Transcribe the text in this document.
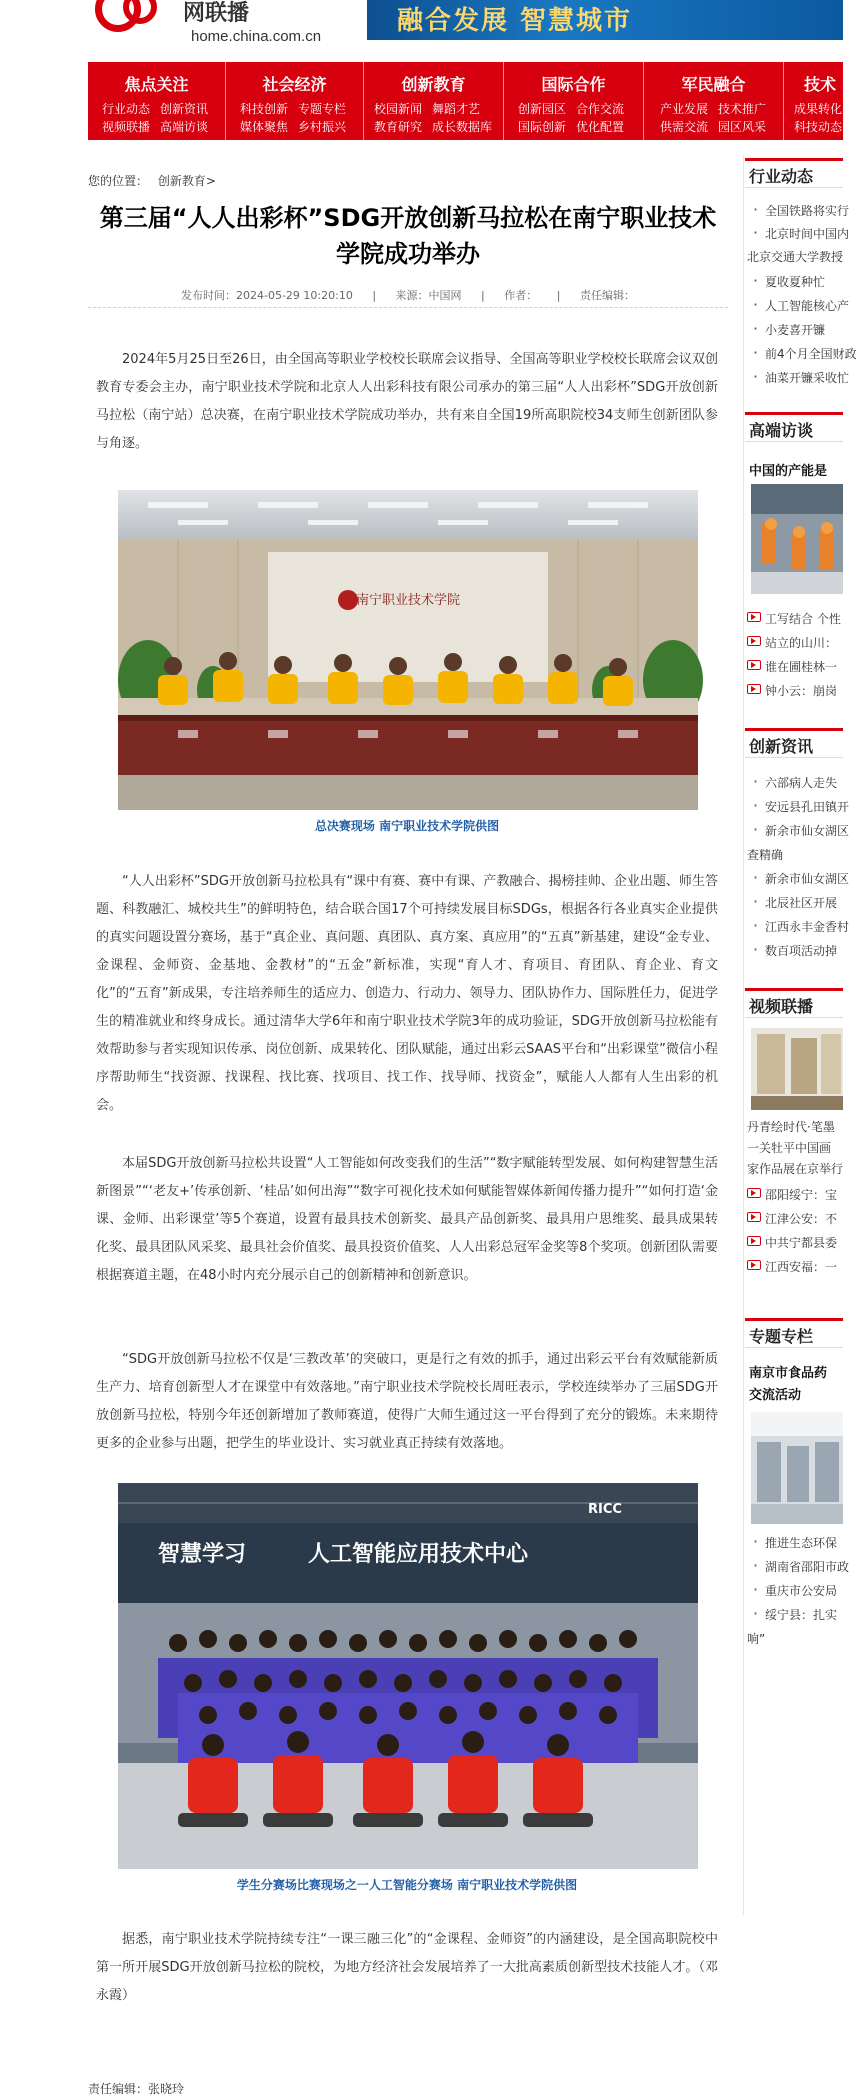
网联播
home.china.com.cn
融合发展 智慧城市
焦点关注
行业动态 创新资讯
视频联播 高端访谈
社会经济
科技创新 专题专栏
媒体聚焦 乡村振兴
创新教育
校园新闻 舞蹈才艺
教育研究 成长数据库
国际合作
创新园区 合作交流
国际创新 优化配置
军民融合
产业发展 技术推广
供需交流 园区风采
技术
成果转化
科技动态
您的位置： 创新教育>
第三届“人人出彩杯”SDG开放创新马拉松在南宁职业技术学院成功举办
发布时间：2024-05-29 10:20:10 | 来源：中国网 | 作者： | 责任编辑：
2024年5月25日至26日，由全国高等职业学校校长联席会议指导、全国高等职业学校校长联席会议双创教育专委会主办，南宁职业技术学院和北京人人出彩科技有限公司承办的第三届“人人出彩杯”SDG开放创新马拉松（南宁站）总决赛，在南宁职业技术学院成功举办，共有来自全国19所高职院校34支师生创新团队参与角逐。
南宁职业技术学院
总决赛现场 南宁职业技术学院供图
“人人出彩杯”SDG开放创新马拉松具有“课中有赛、赛中有课、产教融合、揭榜挂帅、企业出题、师生答题、科教融汇、城校共生”的鲜明特色，结合联合国17个可持续发展目标SDGs，根据各行各业真实企业提供的真实问题设置分赛场，基于“真企业、真问题、真团队、真方案、真应用”的“五真”新基建，建设“金专业、金课程、金师资、金基地、金教材”的“五金”新标准，实现“育人才、育项目、育团队、育企业、育文化”的“五育”新成果，专注培养师生的适应力、创造力、行动力、领导力、团队协作力、国际胜任力，促进学生的精准就业和终身成长。通过清华大学6年和南宁职业技术学院3年的成功验证，SDG开放创新马拉松能有效帮助参与者实现知识传承、岗位创新、成果转化、团队赋能，通过出彩云SAAS平台和“出彩课堂”微信小程序帮助师生“找资源、找课程、找比赛、找项目、找工作、找导师、找资金”，赋能人人都有人生出彩的机会。
本届SDG开放创新马拉松共设置“人工智能如何改变我们的生活”“数字赋能转型发展、如何构建智慧生活新图景”“‘老友+’传承创新、‘桂品’如何出海”“数字可视化技术如何赋能智媒体新闻传播力提升”“如何打造‘金课、金师、出彩课堂’等5个赛道，设置有最具技术创新奖、最具产品创新奖、最具用户思维奖、最具成果转化奖、最具团队风采奖、最具社会价值奖、最具投资价值奖、人人出彩总冠军金奖等8个奖项。创新团队需要根据赛道主题，在48小时内充分展示自己的创新精神和创新意识。
“SDG开放创新马拉松不仅是‘三教改革’的突破口，更是行之有效的抓手，通过出彩云平台有效赋能新质生产力、培育创新型人才在课堂中有效落地。”南宁职业技术学院校长周旺表示，学校连续举办了三届SDG开放创新马拉松，特别今年还创新增加了教师赛道，使得广大师生通过这一平台得到了充分的锻炼。未来期待更多的企业参与出题，把学生的毕业设计、实习就业真正持续有效落地。
RICC
智慧学习	人工智能应用技术中心
学生分赛场比赛现场之一人工智能分赛场 南宁职业技术学院供图
据悉，南宁职业技术学院持续专注“一课三融三化”的“金课程、金师资”的内涵建设，是全国高职院校中第一所开展SDG开放创新马拉松的院校，为地方经济社会发展培养了一大批高素质创新型技术技能人才。（邓永霞）
责任编辑：张晓玲
行业动态
· 全国铁路将实行
· 北京时间中国内
北京交通大学教授
· 夏收夏种忙
· 人工智能核心产
· 小麦喜开镰
· 前4个月全国财政
· 油菜开镰采收忙
高端访谈
中国的产能是
工写结合 个性
站立的山川：
谁在圃桂林一
钟小云：崩岗
创新资讯
· 六部病人走失
· 安远县孔田镇开
· 新余市仙女湖区
查精确
· 新余市仙女湖区
· 北辰社区开展
· 江西永丰金香村
· 数百项活动掉
视频联播
丹青绘时代·笔墨
一关牡平中国画
家作品展在京举行
邵阳绥宁：宝
江津公安：不
中共宁都县委
江西安福：一
专题专栏
南京市食品药
交流活动
· 推进生态环保
· 湖南省邵阳市政
· 重庆市公安局
· 绥宁县：扎实
响”
